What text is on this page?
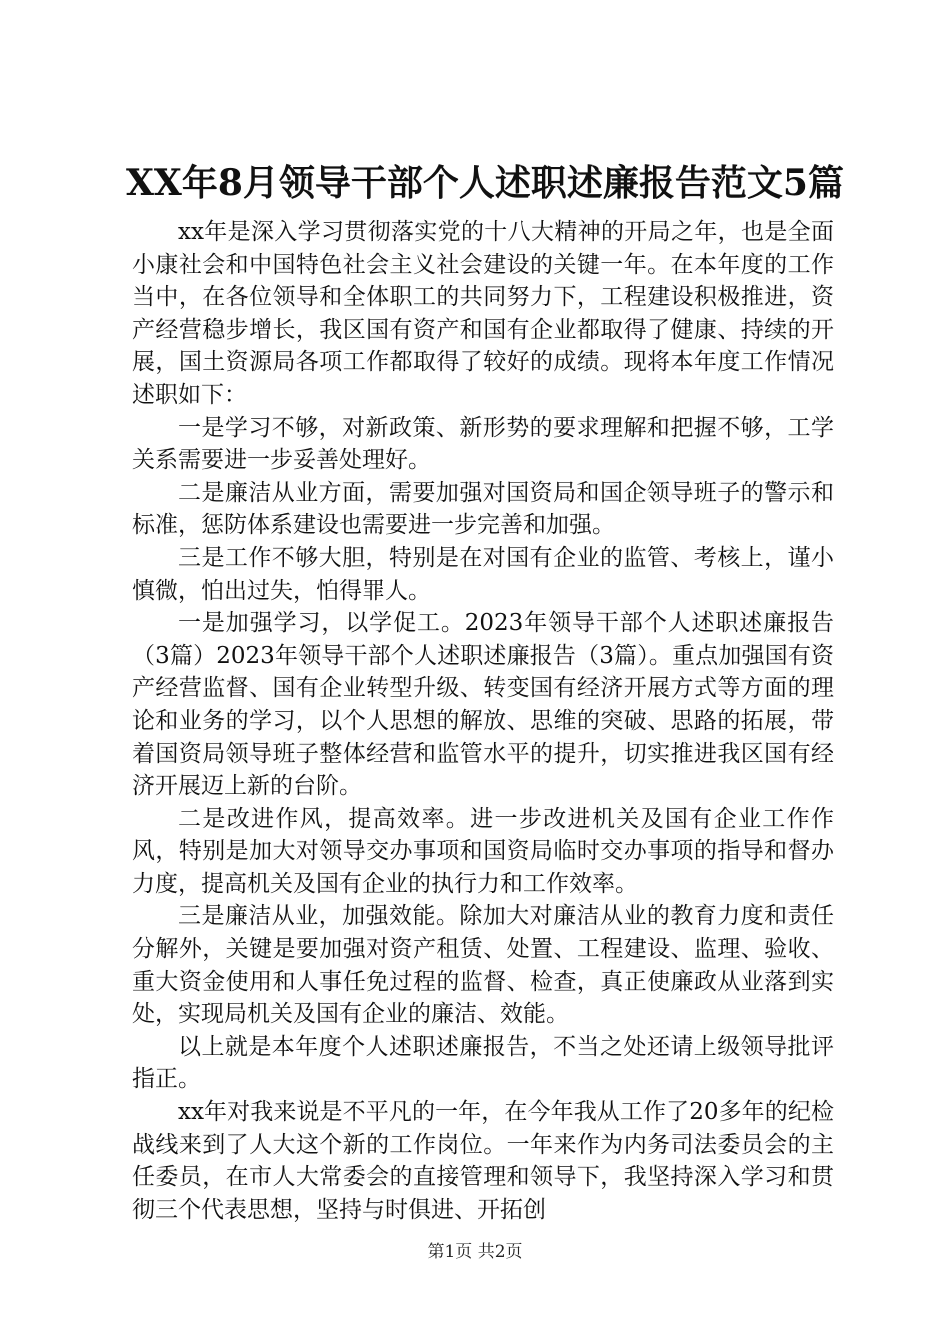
XX年8月领导干部个人述职述廉报告范文5篇

xx年是深入学习贯彻落实党的十八大精神的开局之年，也是全面小康社会和中国特色社会主义社会建设的关键一年。在本年度的工作当中，在各位领导和全体职工的共同努力下，工程建设积极推进，资产经营稳步增长，我区国有资产和国有企业都取得了健康、持续的开展，国土资源局各项工作都取得了较好的成绩。现将本年度工作情况述职如下：

一是学习不够，对新政策、新形势的要求理解和把握不够，工学关系需要进一步妥善处理好。

二是廉洁从业方面，需要加强对国资局和国企领导班子的警示和标准，惩防体系建设也需要进一步完善和加强。

三是工作不够大胆，特别是在对国有企业的监管、考核上，谨小慎微，怕出过失，怕得罪人。

一是加强学习，以学促工。2023年领导干部个人述职述廉报告（3篇）2023年领导干部个人述职述廉报告（3篇）。重点加强国有资产经营监督、国有企业转型升级、转变国有经济开展方式等方面的理论和业务的学习，以个人思想的解放、思维的突破、思路的拓展，带着国资局领导班子整体经营和监管水平的提升，切实推进我区国有经济开展迈上新的台阶。

二是改进作风，提高效率。进一步改进机关及国有企业工作作风，特别是加大对领导交办事项和国资局临时交办事项的指导和督办力度，提高机关及国有企业的执行力和工作效率。

三是廉洁从业，加强效能。除加大对廉洁从业的教育力度和责任分解外，关键是要加强对资产租赁、处置、工程建设、监理、验收、重大资金使用和人事任免过程的监督、检查，真正使廉政从业落到实处，实现局机关及国有企业的廉洁、效能。

以上就是本年度个人述职述廉报告，不当之处还请上级领导批评指正。

xx年对我来说是不平凡的一年，在今年我从工作了20多年的纪检战线来到了人大这个新的工作岗位。一年来作为内务司法委员会的主任委员，在市人大常委会的直接管理和领导下，我坚持深入学习和贯彻三个代表思想，坚持与时俱进、开拓创

第1页 共2页
